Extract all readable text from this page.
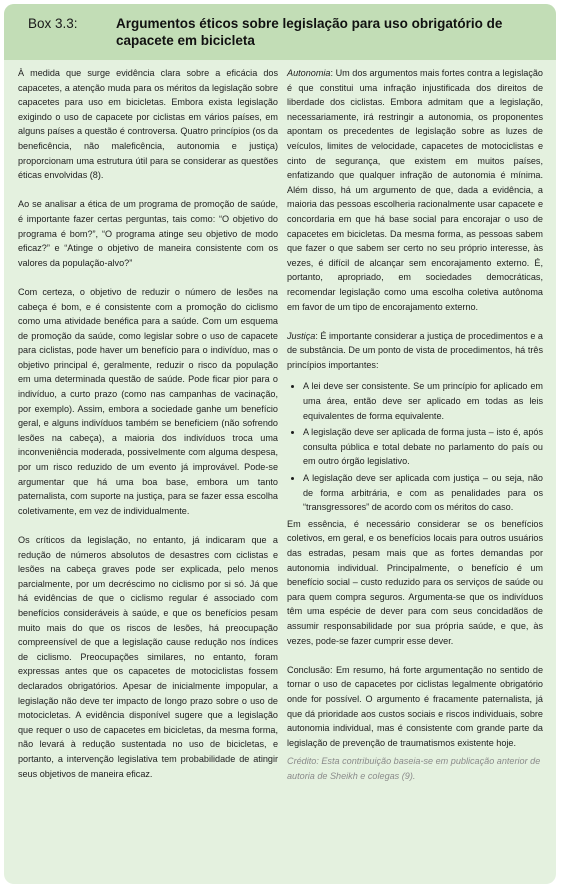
Box 3.3:	Argumentos éticos sobre legislação para uso obrigatório de capacete em bicicleta

À medida que surge evidência clara sobre a eficácia dos capacetes, a atenção muda para os méritos da legislação sobre capacetes para uso em bicicletas. Embora exista legislação exigindo o uso de capacete por ciclistas em vários países, em alguns países a questão é controversa. Quatro princípios (os da beneficência, não maleficência, autonomia e justiça) proporcionam uma estrutura útil para se considerar as questões éticas envolvidas (8).

Ao se analisar a ética de um programa de promoção de saúde, é importante fazer certas perguntas, tais como: “O objetivo do programa é bom?”, “O programa atinge seu objetivo de modo eficaz?” e “Atinge o objetivo de maneira consistente com os valores da população-alvo?”

Com certeza, o objetivo de reduzir o número de lesões na cabeça é bom, e é consistente com a promoção do ciclismo como uma atividade benéfica para a saúde. Com um esquema de promoção da saúde, como legislar sobre o uso de capacete para ciclistas, pode haver um benefício para o indivíduo, mas o objetivo principal é, geralmente, reduzir o risco da população em uma determinada questão de saúde. Pode ficar pior para o indivíduo, a curto prazo (como nas campanhas de vacinação, por exemplo). Assim, embora a sociedade ganhe um benefício geral, e alguns indivíduos também se beneficiem (não sofrendo lesões na cabeça), a maioria dos indivíduos troca uma inconveniência moderada, possivelmente com alguma despesa, por um risco reduzido de um evento já improvável. Pode-se argumentar que há uma boa base, embora um tanto paternalista, com suporte na justiça, para se fazer essa escolha coletivamente, em vez de individualmente.

Os críticos da legislação, no entanto, já indicaram que a redução de números absolutos de desastres com ciclistas e lesões na cabeça graves pode ser explicada, pelo menos parcialmente, por um decréscimo no ciclismo por si só. Já que há evidências de que o ciclismo regular é associado com benefícios consideráveis à saúde, e que os benefícios pesam muito mais do que os riscos de lesões, há preocupação compreensível de que a legislação cause redução nos índices de ciclismo. Preocupações similares, no entanto, foram expressas antes que os capacetes de motociclistas fossem declarados obrigatórios. Apesar de inicialmente impopular, a legislação não deve ter impacto de longo prazo sobre o uso de motocicletas. A evidência disponível sugere que a legislação que requer o uso de capacetes em bicicletas, da mesma forma, não levará à redução sustentada no uso de bicicletas, e portanto, a intervenção legislativa tem probabilidade de atingir seus objetivos de maneira eficaz.

Autonomia: Um dos argumentos mais fortes contra a legislação é que constitui uma infração injustificada dos direitos de liberdade dos ciclistas. Embora admitam que a legislação, necessariamente, irá restringir a autonomia, os proponentes apontam os precedentes de legislação sobre as luzes de veículos, limites de velocidade, capacetes de motociclistas e cinto de segurança, que existem em muitos países, enfatizando que qualquer infração de autonomia é mínima. Além disso, há um argumento de que, dada a evidência, a maioria das pessoas escolheria racionalmente usar capacete e concordaria em que há base social para encorajar o uso de capacetes em bicicletas. Da mesma forma, as pessoas sabem que fazer o que sabem ser certo no seu próprio interesse, às vezes, é difícil de alcançar sem encorajamento externo. É, portanto, apropriado, em sociedades democráticas, recomendar legislação como uma escolha coletiva autônoma em favor de um tipo de encorajamento externo.

Justiça: É importante considerar a justiça de procedimentos e a de substância. De um ponto de vista de procedimentos, há três princípios importantes:

• A lei deve ser consistente. Se um princípio for aplicado em uma área, então deve ser aplicado em todas as leis equivalentes de forma equivalente.
• A legislação deve ser aplicada de forma justa – isto é, após consulta pública e total debate no parlamento do país ou em outro órgão legislativo.
• A legislação deve ser aplicada com justiça – ou seja, não de forma arbitrária, e com as penalidades para os “transgressores” de acordo com os méritos do caso.

Em essência, é necessário considerar se os benefícios coletivos, em geral, e os benefícios locais para outros usuários das estradas, pesam mais que as fortes demandas por autonomia individual. Principalmente, o benefício é um benefício social – custo reduzido para os serviços de saúde ou para quem compra seguros. Argumenta-se que os indivíduos têm uma espécie de dever para com seus concidadãos de assumir responsabilidade por sua própria saúde, e que, às vezes, pode-se fazer cumprir esse dever.

Conclusão: Em resumo, há forte argumentação no sentido de tornar o uso de capacetes por ciclistas legalmente obrigatório onde for possível. O argumento é fracamente paternalista, já que dá prioridade aos custos sociais e riscos individuais, sobre autonomia individual, mas é consistente com grande parte da legislação de prevenção de traumatismos existente hoje.

Crédito: Esta contribuição baseia-se em publicação anterior de autoria de Sheikh e colegas (9).
